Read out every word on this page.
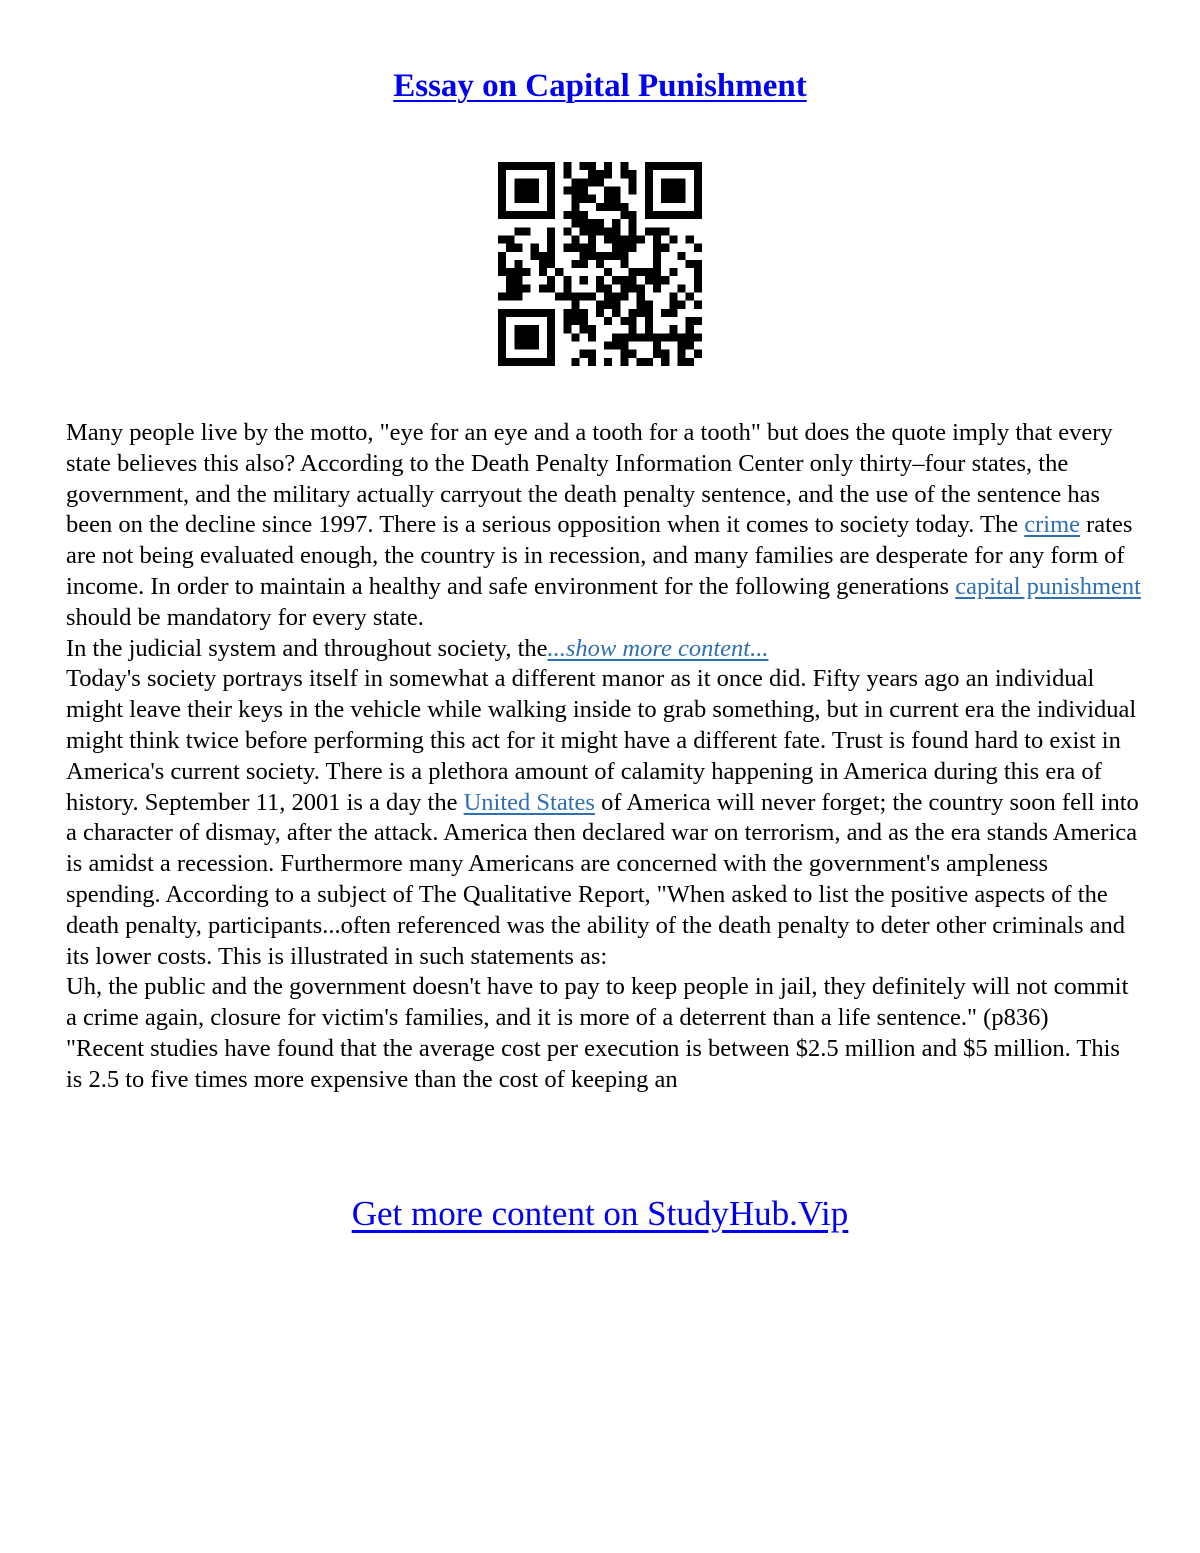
Essay on Capital Punishment

Many people live by the motto, "eye for an eye and a tooth for a tooth" but does the quote imply that every state believes this also? According to the Death Penalty Information Center only thirty–four states, the government, and the military actually carryout the death penalty sentence, and the use of the sentence has been on the decline since 1997. There is a serious opposition when it comes to society today. The crime rates are not being evaluated enough, the country is in recession, and many families are desperate for any form of income. In order to maintain a healthy and safe environment for the following generations capital punishment should be mandatory for every state.

In the judicial system and throughout society, the...show more content...

Today's society portrays itself in somewhat a different manor as it once did. Fifty years ago an individual might leave their keys in the vehicle while walking inside to grab something, but in current era the individual might think twice before performing this act for it might have a different fate. Trust is found hard to exist in America's current society. There is a plethora amount of calamity happening in America during this era of history. September 11, 2001 is a day the United States of America will never forget; the country soon fell into a character of dismay, after the attack. America then declared war on terrorism, and as the era stands America is amidst a recession. Furthermore many Americans are concerned with the government's ampleness spending. According to a subject of The Qualitative Report, "When asked to list the positive aspects of the death penalty, participants...often referenced was the ability of the death penalty to deter other criminals and its lower costs. This is illustrated in such statements as:

Uh, the public and the government doesn't have to pay to keep people in jail, they definitely will not commit a crime again, closure for victim's families, and it is more of a deterrent than a life sentence." (p836)

"Recent studies have found that the average cost per execution is between $2.5 million and $5 million. This is 2.5 to five times more expensive than the cost of keeping an

Get more content on StudyHub.Vip
